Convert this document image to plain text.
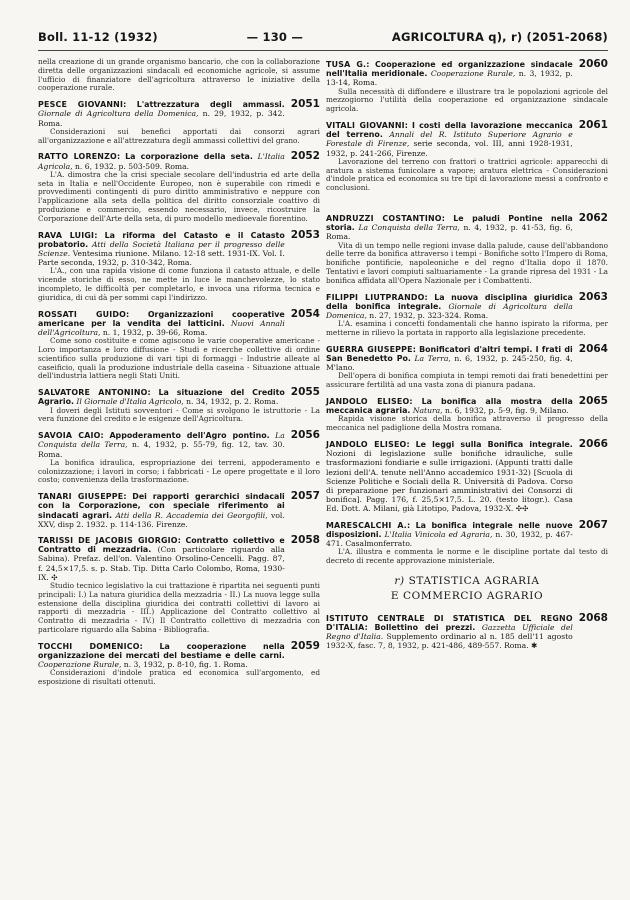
Boll. 11-12 (1932)	— 130 —	AGRICOLTURA q), r) (2051-2068)
nella creazione di un grande organismo bancario, che con la collaborazione diretta delle organizzazioni sindacali ed economiche agricole, si assume l'ufficio di finanziatore dell'agricoltura attraverso le iniziative della cooperazione rurale.
PESCE GIOVANNI: L'attrezzatura degli ammassi. Giornale di Agricoltura della Domenica, n. 29, 1932, p. 342. Roma.
2051
Considerazioni sui benefici apportati dai consorzi agrari all'organizzazione e all'attrezzatura degli ammassi collettivi del grano.
RATTO LORENZO: La corporazione della seta. L'Italia Agricola, n. 6, 1932. p. 503-509. Roma.
2052
L'A. dimostra che la crisi speciale secolare dell'industria ed arte della seta in Italia e nell'Occidente Europeo, non è superabile con rimedi e provvedimenti contingenti di puro diritto amministrativo e neppure con l'applicazione alla seta della politica del diritto consorziale coattivo di produzione e commercio, essendo necessario, invece, ricostruire la Corporazione dell'Arte della seta, di puro modello medioevale fiorentino.
RAVA LUIGI: La riforma del Catasto e il Catasto probatorio. Atti della Società Italiana per il progresso delle Scienze. Ventesima riunione. Milano. 12-18 sett. 1931-IX. Vol. I. Parte seconda, 1932, p. 310-342, Roma.
2053
L'A., con una rapida visione di come funziona il catasto attuale, e delle vicende storiche di esso, ne mette in luce le manchevolezze, lo stato incompleto, le difficoltà per completarlo, e invoca una riforma tecnica e giuridica, di cui dà per sommi capi l'indirizzo.
ROSSATI GUIDO: Organizzazioni cooperative americane per la vendita dei latticini. Nuovi Annali dell'Agricoltura, n. 1, 1932, p. 39-66, Roma.
2054
Come sono costituite e come agiscono le varie cooperative americane - Loro importanza e loro diffusione - Studi e ricerche collettive di ordine scientifico sulla produzione di vari tipi di formaggi - Industrie alleate al caseificio, quali la produzione industriale della caseina - Situazione attuale dell'industria lattiera negli Stati Uniti.
SALVATORE ANTONINO: La situazione del Credito Agrario. Il Giornale d'Italia Agricolo, n. 34, 1932, p. 2. Roma.
2055
I doveri degli Istituti sovventori - Come si svolgono le istruttorie - La vera funzione del credito e le esigenze dell'Agricoltura.
SAVOIA CAIO: Appoderamento dell'Agro pontino. La Conquista della Terra, n. 4, 1932, p. 55-79, fig. 12, tav. 30. Roma.
2056
La bonifica idraulica, espropriazione dei terreni, appoderamento e colonizzazione; i lavori in corso; i fabbricati - Le opere progettate e il loro costo; convenienza della trasformazione.
TANARI GIUSEPPE: Dei rapporti gerarchici sindacali con la Corporazione, con speciale riferimento ai sindacati agrari. Atti della R. Accademia dei Georgofili, vol. XXV, disp 2. 1932. p. 114-136. Firenze.
2057
TARISSI DE JACOBIS GIORGIO: Contratto collettivo e Contratto di mezzadria. (Con particolare riguardo alla Sabina). Prefaz. dell'on. Valentino Orsolino-Cencelli. Pagg. 87, f. 24,5×17,5. s. p. Stab. Tip. Ditta Carlo Colombo, Roma, 1930-IX. ✣
2058
Studio tecnico legislativo la cui trattazione è ripartita nei seguenti punti principali: I.) La natura giuridica della mezzadria - II.) La nuova legge sulla estensione della disciplina giuridica dei contratti collettivi di lavoro ai rapporti di mezzadria - III.) Applicazione del Contratto collettivo al Contratto di mezzadria - IV.) Il Contratto collettivo di mezzadria con particolare riguardo alla Sabina - Bibliografia.
TOCCHI DOMENICO: La cooperazione nella organizzazione dei mercati del bestiame e delle carni. Cooperazione Rurale, n. 3, 1932, p. 8-10, fig. 1. Roma.
2059
Considerazioni d'indole pratica ed economica sull'argomento, ed esposizione di risultati ottenuti.
TUSA G.: Cooperazione ed organizzazione sindacale nell'Italia meridionale. Cooperazione Rurale, n. 3, 1932, p. 13-14, Roma.
2060
Sulla necessità di diffondere e illustrare tra le popolazioni agricole del mezzogiorno l'utilità della cooperazione ed organizzazione sindacale agricola.
VITALI GIOVANNI: I costi della lavorazione meccanica del terreno. Annali del R. Istituto Superiore Agrario e Forestale di Firenze, serie seconda, vol. III, anni 1928-1931, 1932, p. 241-266, Firenze.
2061
Lavorazione del terreno con frattori o trattrici agricole: apparecchi di aratura a sistema funicolare a vapore; aratura elettrica - Considerazioni d'indole pratica ed economica su tre tipi di lavorazione messi a confronto e conclusioni.
ANDRUZZI COSTANTINO: Le paludi Pontine nella storia. La Conquista della Terra, n. 4, 1932, p. 41-53, fig. 6, Roma.
2062
Vita di un tempo nelle regioni invase dalla palude, cause dell'abbandono delle terre da bonifica attraverso i tempi - Bonifiche sotto l'Impero di Roma, bonifiche pontificie, napoleoniche e del regno d'Italia dopo il 1870. Tentativi e lavori compiuti saltuariamente - La grande ripresa del 1931 - La bonifica affidata all'Opera Nazionale per i Combattenti.
FILIPPI LIUTPRANDO: La nuova disciplina giuridica della bonifica integrale. Giornale di Agricoltura della Domenica, n. 27, 1932, p. 323-324. Roma.
2063
L'A. esamina i concetti fondamentali che hanno ispirato la riforma, per metterne in rilievo la portata in rapporto alla legislazione precedente.
GUERRA GIUSEPPE: Bonificatori d'altri tempi. I frati di San Benedetto Po. La Terra, n. 6, 1932, p. 245-250, fig. 4, M'lano.
2064
Dell'opera di bonifica compiuta in tempi remoti dai frati benedettini per assicurare fertilità ad una vasta zona di pianura padana.
JANDOLO ELISEO: La bonifica alla mostra della meccanica agraria. Natura, n. 6, 1932, p. 5-9, fig. 9, Milano.
2065
Rapida visione storica della bonifica attraverso il progresso della meccanica nel padiglione della Mostra romana.
JANDOLO ELISEO: Le leggi sulla Bonifica integrale. Nozioni di legislazione sulle bonifiche idrauliche, sulle trasformazioni fondiarie e sulle irrigazioni. (Appunti tratti dalle lezioni dell'A. tenute nell'Anno accademico 1931-32) [Scuola di Scienze Politiche e Sociali della R. Università di Padova. Corso di preparazione per funzionari amministrativi dei Consorzi di bonifica]. Pagg. 176, f. 25,5×17,5. L. 20. (testo litogr.). Casa Ed. Dott. A. Milani, già Litotipo, Padova, 1932-X. ✣✣
2066
MARESCALCHI A.: La bonifica integrale nelle nuove disposizioni. L'Italia Vinicola ed Agraria, n. 30, 1932, p. 467-471. Casalmonferrato.
2067
L'A. illustra e commenta le norme e le discipline portate dal testo di decreto di recente approvazione ministeriale.
r) STATISTICA AGRARIA
E COMMERCIO AGRARIO
ISTITUTO CENTRALE DI STATISTICA DEL REGNO D'ITALIA: Bollettino dei prezzi. Gazzetta Ufficiale del Regno d'Italia. Supplemento ordinario al n. 185 dell'11 agosto 1932-X, fasc. 7, 8, 1932, p. 421-486, 489-557. Roma. ✱
2068
